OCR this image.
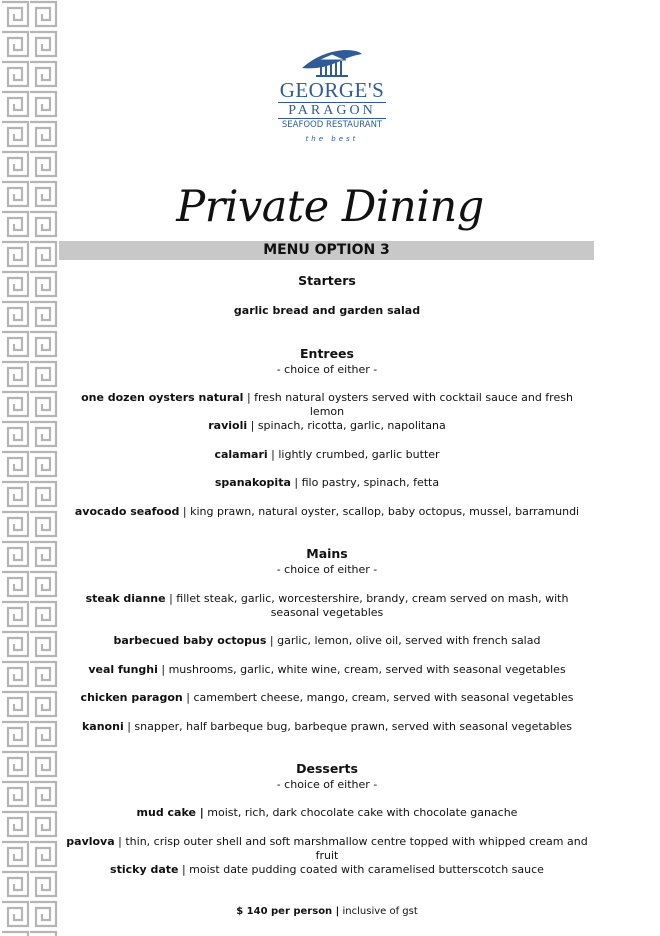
GEORGE'S
PARAGON
SEAFOOD RESTAURANT
the best
Private Dining
MENU OPTION 3
Starters
garlic bread and garden salad
Entrees
- choice of either -
one dozen oysters natural | fresh natural oysters served with cocktail sauce and fresh lemon
ravioli | spinach, ricotta, garlic, napolitana
calamari | lightly crumbed, garlic butter
spanakopita | filo pastry, spinach, fetta
avocado seafood | king prawn, natural oyster, scallop, baby octopus, mussel, barramundi
Mains
- choice of either -
steak dianne | fillet steak, garlic, worcestershire, brandy, cream served on mash, with seasonal vegetables
barbecued baby octopus | garlic, lemon, olive oil, served with french salad
veal funghi | mushrooms, garlic, white wine, cream, served with seasonal vegetables
chicken paragon | camembert cheese, mango, cream, served with seasonal vegetables
kanoni | snapper, half barbeque bug, barbeque prawn, served with seasonal vegetables
Desserts
- choice of either -
mud cake | moist, rich, dark chocolate cake with chocolate ganache
pavlova | thin, crisp outer shell and soft marshmallow centre topped with whipped cream and fruit
sticky date | moist date pudding coated with caramelised butterscotch sauce
$ 140 per person | inclusive of gst
